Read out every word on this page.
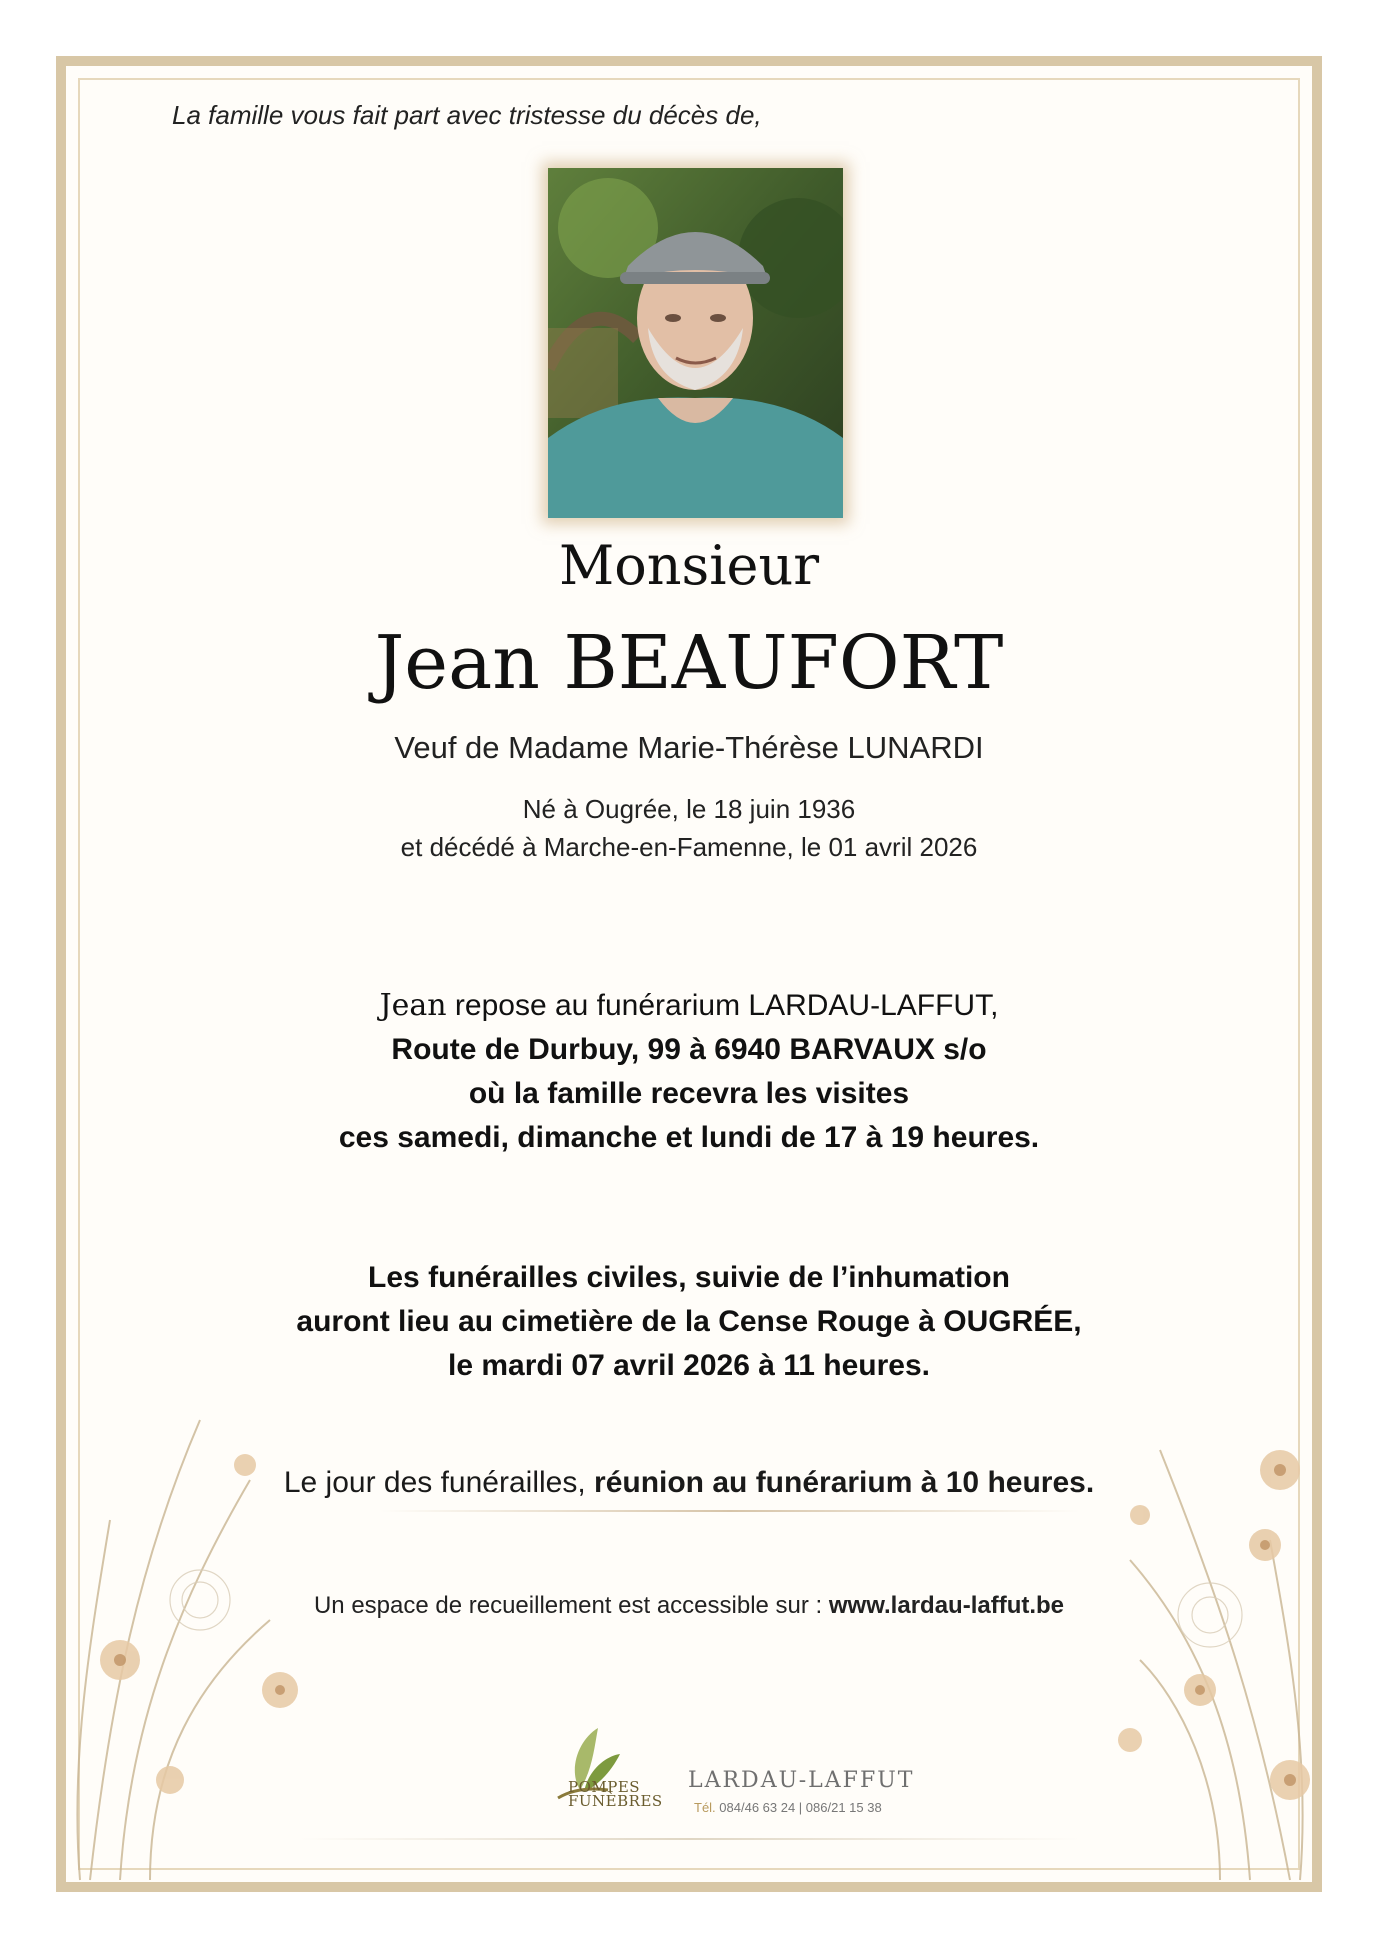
La famille vous fait part avec tristesse du décès de,
Monsieur
Jean BEAUFORT
Veuf de Madame Marie-Thérèse LUNARDI
Né à Ougrée, le 18 juin 1936
et décédé à Marche-en-Famenne, le 01 avril 2026
Jean repose au funérarium LARDAU-LAFFUT,
Route de Durbuy, 99 à 6940 BARVAUX s/o
où la famille recevra les visites
ces samedi, dimanche et lundi de 17 à 19 heures.
Les funérailles civiles, suivie de l’inhumation
auront lieu au cimetière de la Cense Rouge à OUGRÉE,
le mardi 07 avril 2026 à 11 heures.
Le jour des funérailles, réunion au funérarium à 10 heures.
Un espace de recueillement est accessible sur : www.lardau-laffut.be
POMPES
FUNÈBRES
LARDAU-LAFFUT
Tél. 084/46 63 24 | 086/21 15 38
